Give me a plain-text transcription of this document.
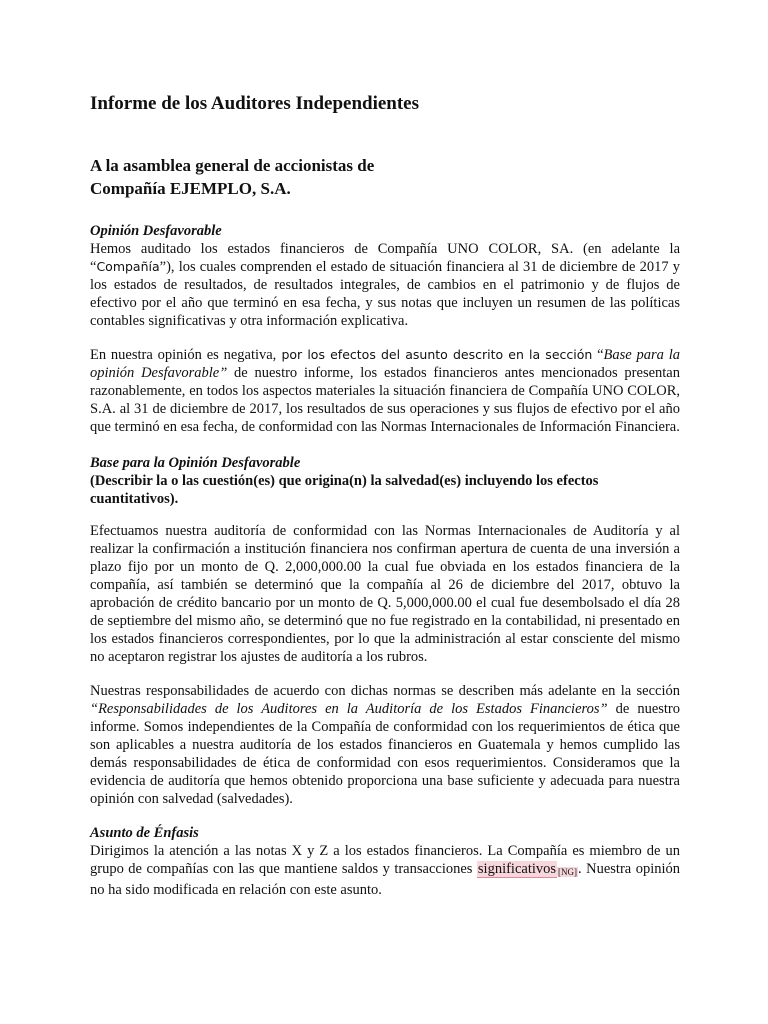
Informe de los Auditores Independientes
A la asamblea general de accionistas de
Compañía EJEMPLO, S.A.
Opinión Desfavorable

Hemos auditado los estados financieros de Compañía UNO COLOR, SA. (en adelante la “Compañía”), los cuales comprenden el estado de situación financiera al 31 de diciembre de 2017 y los estados de resultados, de resultados integrales, de cambios en el patrimonio y de flujos de efectivo por el año que terminó en esa fecha, y sus notas que incluyen un resumen de las políticas contables significativas y otra información explicativa.

En nuestra opinión es negativa, por los efectos del asunto descrito en la sección “Base para la opinión Desfavorable” de nuestro informe, los estados financieros antes mencionados presentan razonablemente, en todos los aspectos materiales la situación financiera de Compañía UNO COLOR, S.A. al 31 de diciembre de 2017, los resultados de sus operaciones y sus flujos de efectivo por el año que terminó en esa fecha, de conformidad con las Normas Internacionales de Información Financiera.

Base para la Opinión Desfavorable
(Describir la o las cuestión(es) que origina(n) la salvedad(es) incluyendo los efectos cuantitativos).

Efectuamos nuestra auditoría de conformidad con las Normas Internacionales de Auditoría y al realizar la confirmación a institución financiera nos confirman apertura de cuenta de una inversión a plazo fijo por un monto de Q. 2,000,000.00 la cual fue obviada en los estados financiera de la compañía, así también se determinó que la compañía al 26 de diciembre del 2017, obtuvo la aprobación de crédito bancario por un monto de Q. 5,000,000.00 el cual fue desembolsado el día 28 de septiembre del mismo año, se determinó que no fue registrado en la contabilidad, ni presentado en los estados financieros correspondientes, por lo que la administración al estar consciente del mismo no aceptaron registrar los ajustes de auditoría a los rubros.

Nuestras responsabilidades de acuerdo con dichas normas se describen más adelante en la sección “Responsabilidades de los Auditores en la Auditoría de los Estados Financieros” de nuestro informe. Somos independientes de la Compañía de conformidad con los requerimientos de ética que son aplicables a nuestra auditoría de los estados financieros en Guatemala y hemos cumplido las demás responsabilidades de ética de conformidad con esos requerimientos. Consideramos que la evidencia de auditoría que hemos obtenido proporciona una base suficiente y adecuada para nuestra opinión con salvedad (salvedades).

Asunto de Énfasis

Dirigimos la atención a las notas X y Z a los estados financieros. La Compañía es miembro de un grupo de compañías con las que mantiene saldos y transacciones significativos [NG]. Nuestra opinión no ha sido modificada en relación con este asunto.
